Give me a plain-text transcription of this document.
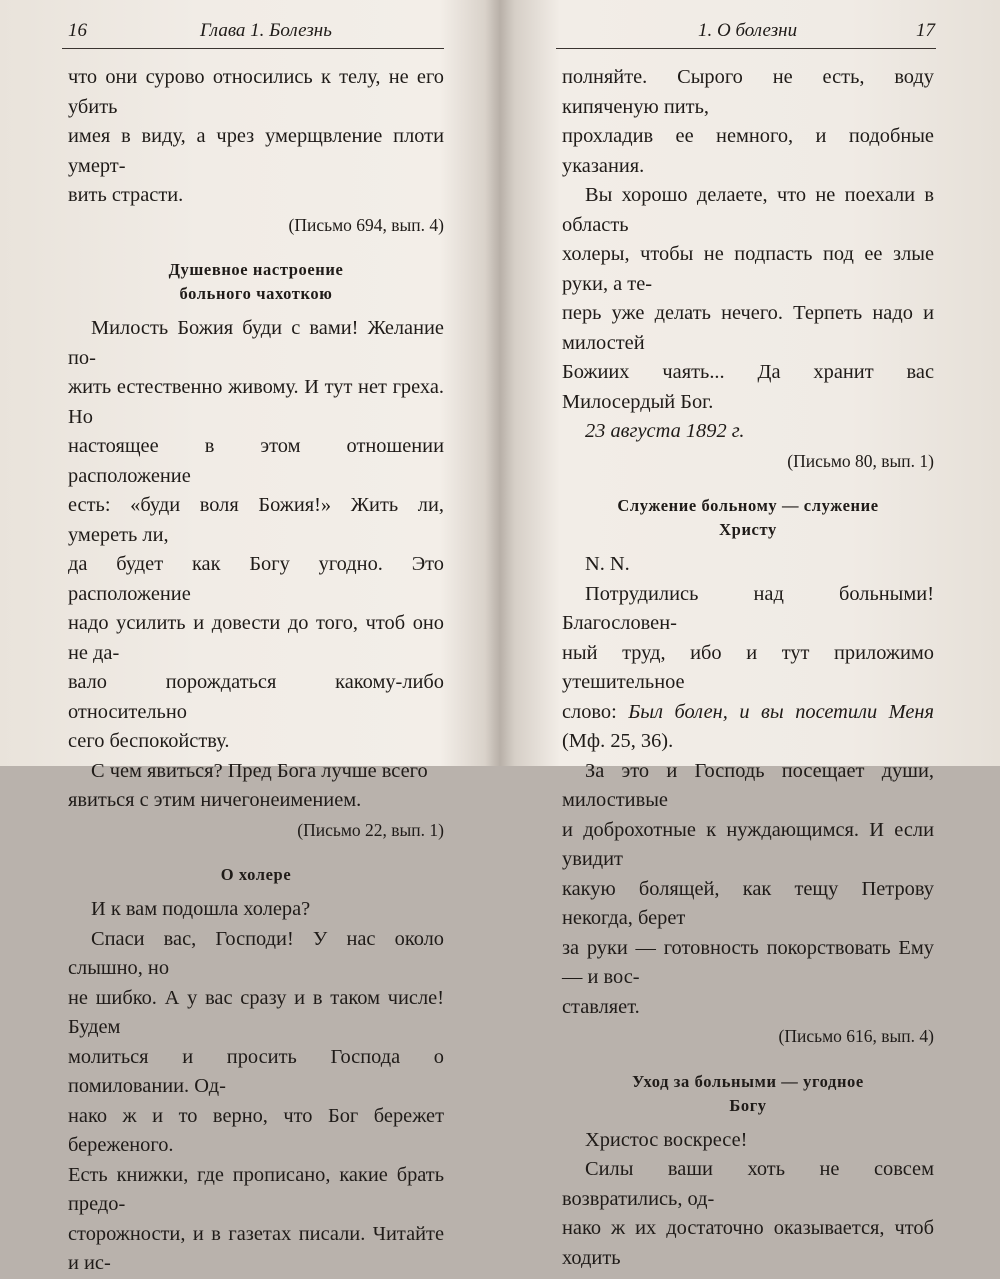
16	Глава 1. Болезнь

что они сурово относились к телу, не его убить

имея в виду, а чрез умерщвление плоти умерт-

вить страсти.

(Письмо 694, вып. 4)

Душевное настроение
больного чахоткою

Милость Божия буди с вами! Желание по-

жить естественно живому. И тут нет греха. Но

настоящее в этом отношении расположение

есть: «буди воля Божия!» Жить ли, умереть ли,

да будет как Богу угодно. Это расположение

надо усилить и довести до того, чтоб оно не да-

вало порождаться какому-либо относительно

сего беспокойству.

С чем явиться? Пред Бога лучше всего

явиться с этим ничегонеимением.

(Письмо 22, вып. 1)

О холере

И к вам подошла холера?

Спаси вас, Господи! У нас около слышно, но

не шибко. А у вас сразу и в таком числе! Будем

молиться и просить Господа о помиловании. Од-

нако ж и то верно, что Бог бережет береженого.

Есть книжки, где прописано, какие брать предо-

сторожности, и в газетах писали. Читайте и ис-

1. О болезни	17

полняйте. Сырого не есть, воду кипяченую пить,

прохладив ее немного, и подобные указания.

Вы хорошо делаете, что не поехали в область

холеры, чтобы не подпасть под ее злые руки, а те-

перь уже делать нечего. Терпеть надо и милостей

Божиих чаять... Да хранит вас Милосердый Бог.

23 августа 1892 г.

(Письмо 80, вып. 1)

Служение больному — служение
Христу

N. N.

Потрудились над больными! Благословен-

ный труд, ибо и тут приложимо утешительное

слово: Был болен, и вы посетили Меня (Мф. 25, 36).

За это и Господь посещает души, милостивые

и доброхотные к нуждающимся. И если увидит

какую болящей, как тещу Петрову некогда, берет

за руки — готовность покорствовать Ему — и вос-

ставляет.

(Письмо 616, вып. 4)

Уход за больными — угодное
Богу

Христос воскресе!

Силы ваши хоть не совсем возвратились, од-

нако ж их достаточно оказывается, чтоб ходить
